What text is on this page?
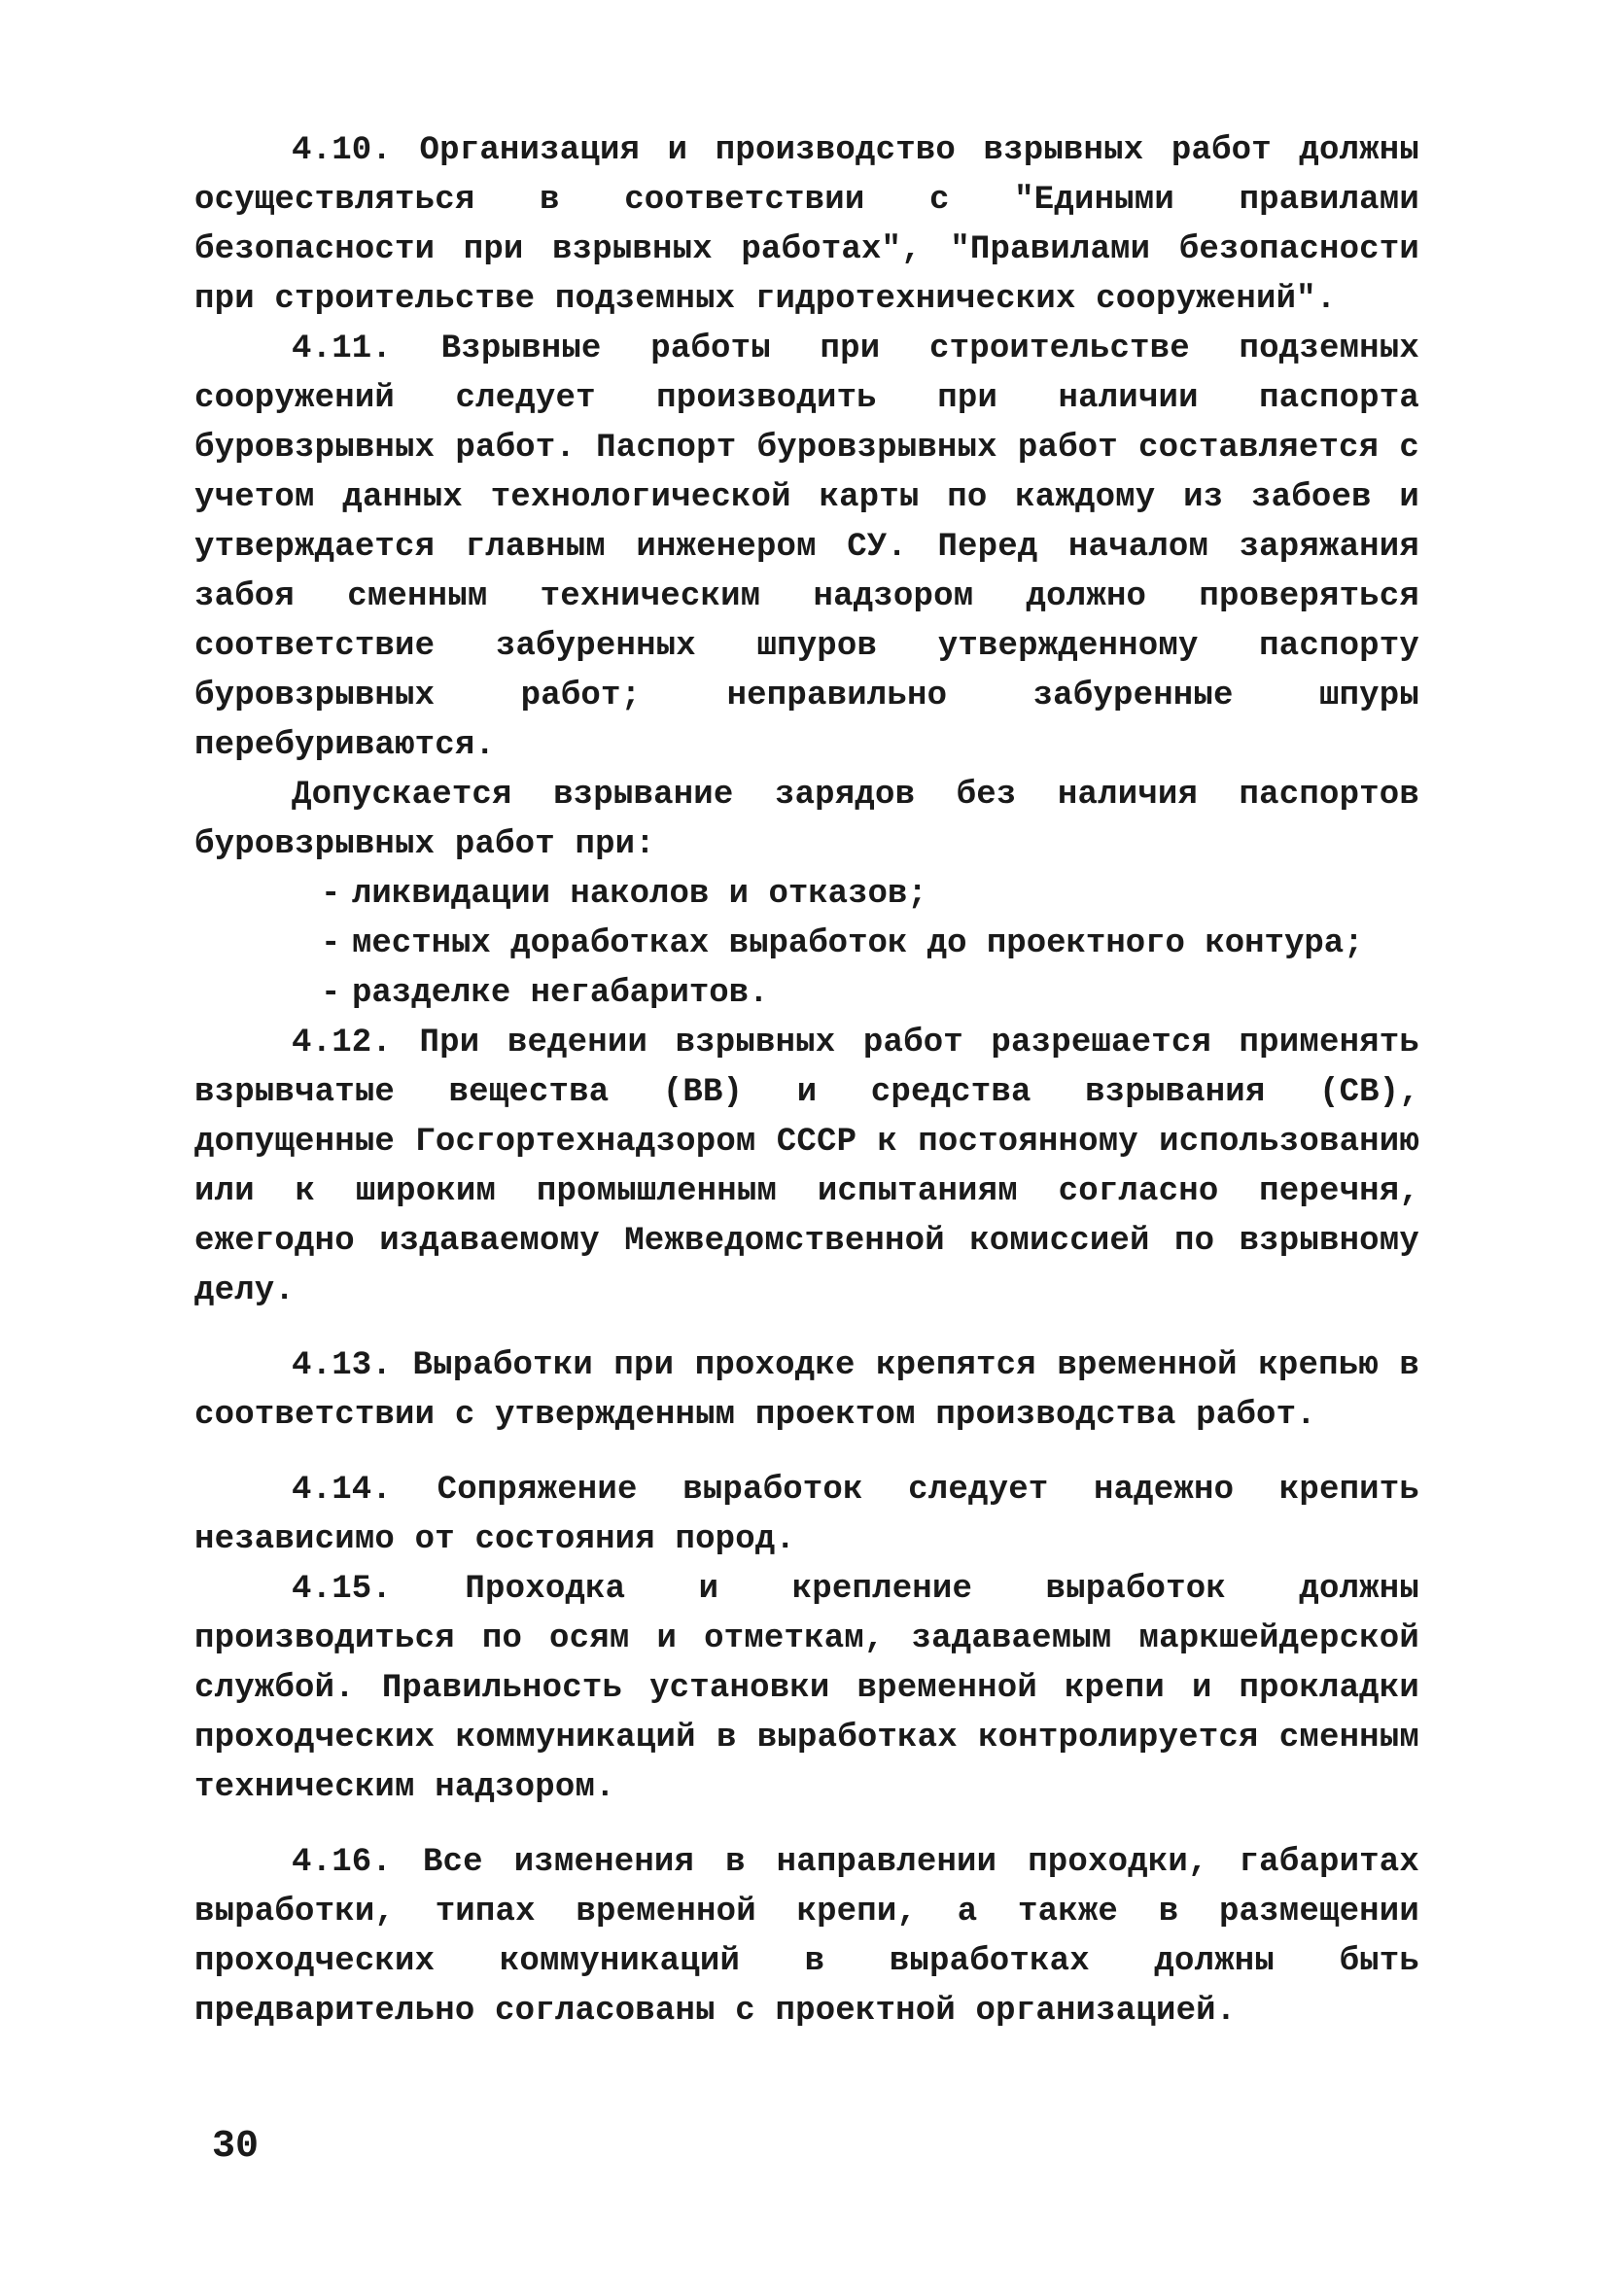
4.10. Организация и производство взрывных работ должны осуществляться в соответствии с "Едиными правилами безопасности при взрывных работах", "Правилами безопасности при строительстве подземных гидротехнических сооружений".

4.11. Взрывные работы при строительстве подземных сооружений следует производить при наличии паспорта буровзрывных работ. Паспорт буровзрывных работ составляется с учетом данных технологической карты по каждому из забоев и утверждается главным инженером СУ. Перед началом заряжания забоя сменным техническим надзором должно проверяться соответствие забуренных шпуров утвержденному паспорту буровзрывных работ; неправильно забуренные шпуры перебуриваются.

Допускается взрывание зарядов без наличия паспортов буровзрывных работ при:

- ликвидации наколов и отказов;
- местных доработках выработок до проектного контура;
- разделке негабаритов.

4.12. При ведении взрывных работ разрешается применять взрывчатые вещества (ВВ) и средства взрывания (СВ), допущенные Госгортехнадзором СССР к постоянному использованию или к широким промышленным испытаниям согласно перечня, ежегодно издаваемому Межведомственной комиссией по взрывному делу.

4.13. Выработки при проходке крепятся временной крепью в соответствии с утвержденным проектом производства работ.

4.14. Сопряжение выработок следует надежно крепить независимо от состояния пород.

4.15. Проходка и крепление выработок должны производиться по осям и отметкам, задаваемым маркшейдерской службой. Правильность установки временной крепи и прокладки проходческих коммуникаций в выработках контролируется сменным техническим надзором.

4.16. Все изменения в направлении проходки, габаритах выработки, типах временной крепи, а также в размещении проходческих коммуникаций в выработках должны быть предварительно согласованы с проектной организацией.

30
